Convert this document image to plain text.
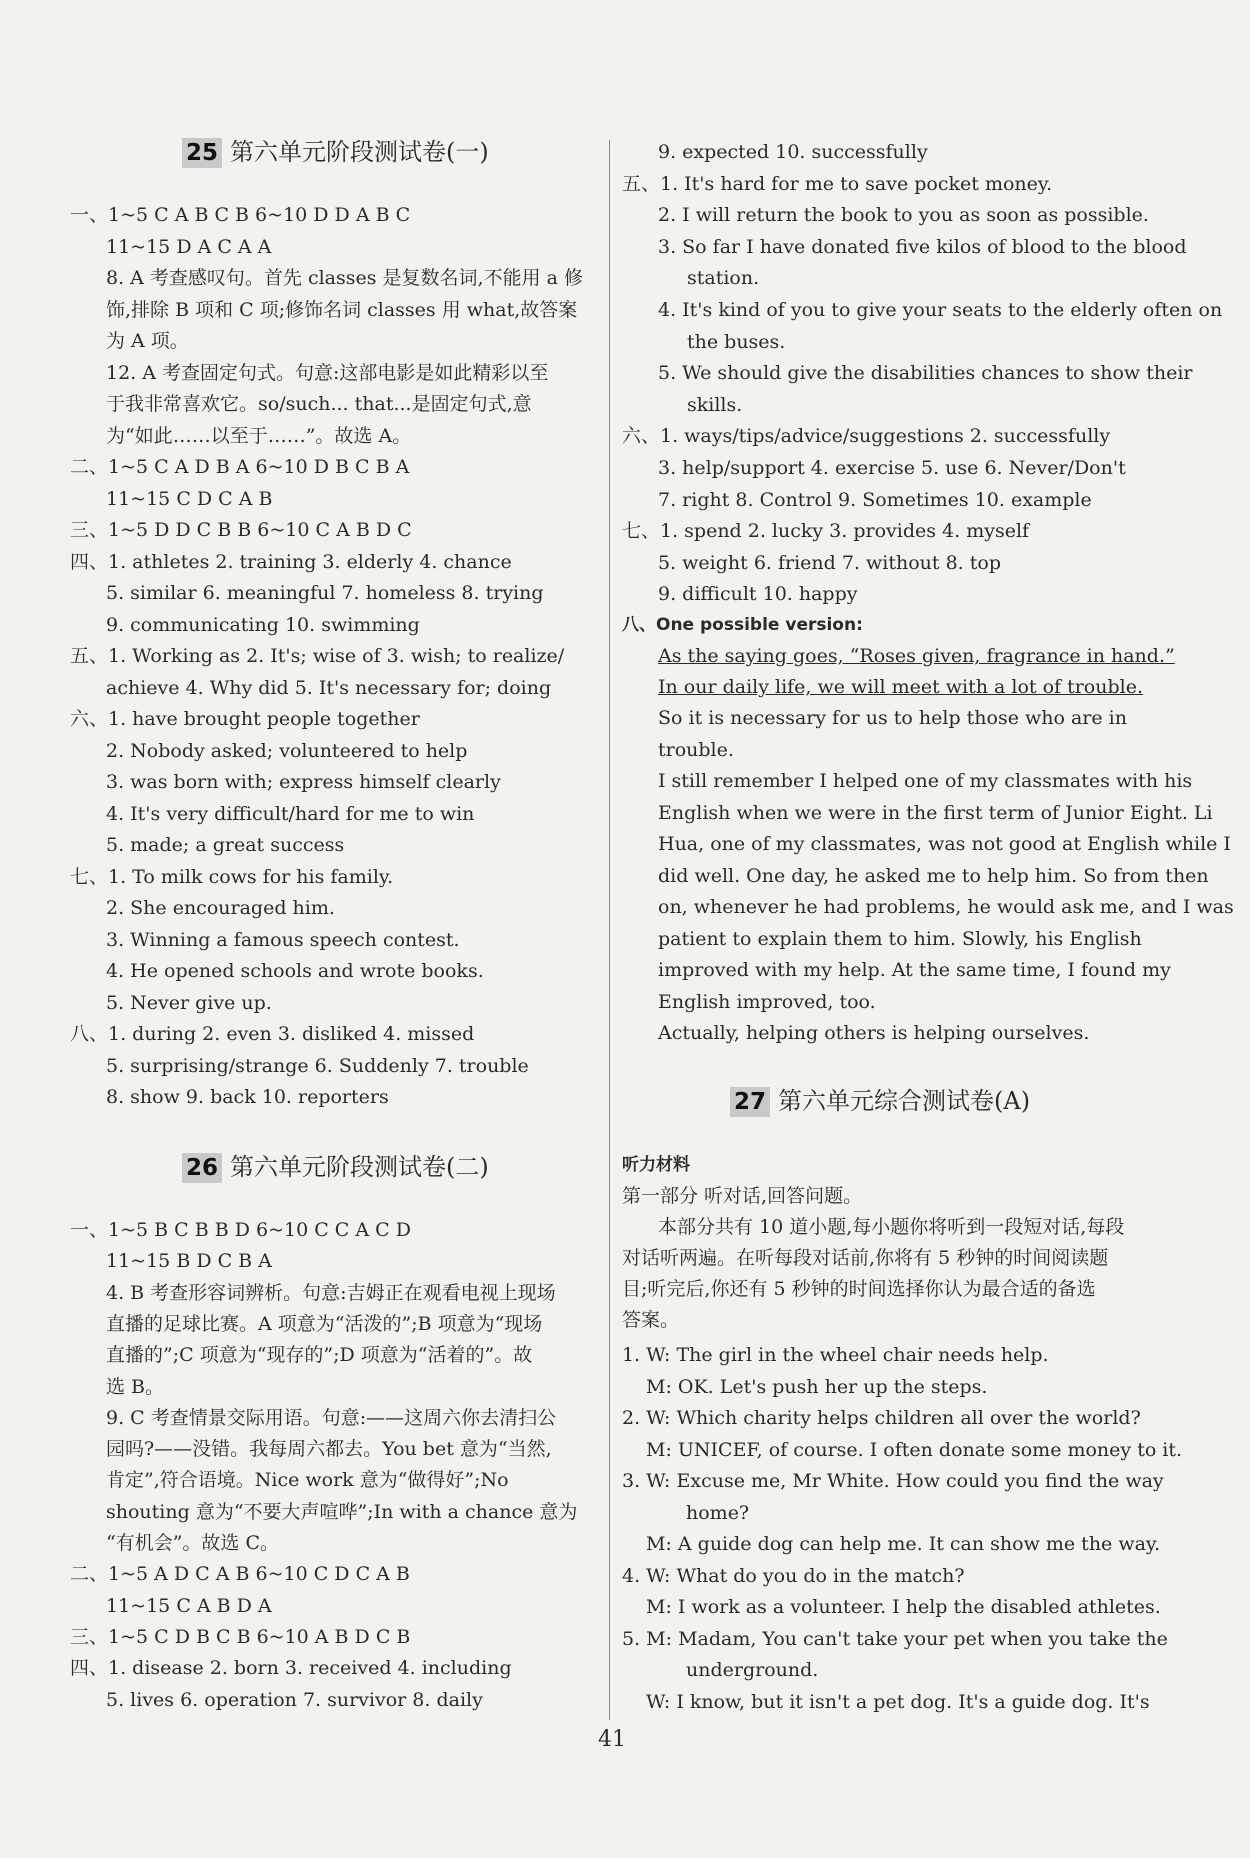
25 第六单元阶段测试卷(一)
一、1~5 C A B C B 6~10 D D A B C
11~15 D A C A A
8. A 考查感叹句。首先 classes 是复数名词,不能用 a 修
饰,排除 B 项和 C 项;修饰名词 classes 用 what,故答案
为 A 项。
12. A 考查固定句式。句意:这部电影是如此精彩以至
于我非常喜欢它。so/such... that...是固定句式,意
为“如此……以至于……”。故选 A。
二、1~5 C A D B A 6~10 D B C B A
11~15 C D C A B
三、1~5 D D C B B 6~10 C A B D C
四、1. athletes 2. training 3. elderly 4. chance
5. similar 6. meaningful 7. homeless 8. trying
9. communicating 10. swimming
五、1. Working as 2. It's; wise of 3. wish; to realize/
achieve 4. Why did 5. It's necessary for; doing
六、1. have brought people together
2. Nobody asked; volunteered to help
3. was born with; express himself clearly
4. It's very difficult/hard for me to win
5. made; a great success
七、1. To milk cows for his family.
2. She encouraged him.
3. Winning a famous speech contest.
4. He opened schools and wrote books.
5. Never give up.
八、1. during 2. even 3. disliked 4. missed
5. surprising/strange 6. Suddenly 7. trouble
8. show 9. back 10. reporters
26 第六单元阶段测试卷(二)
一、1~5 B C B B D 6~10 C C A C D
11~15 B D C B A
4. B 考查形容词辨析。句意:吉姆正在观看电视上现场
直播的足球比赛。A 项意为“活泼的”;B 项意为“现场
直播的”;C 项意为“现存的”;D 项意为“活着的”。故
选 B。
9. C 考查情景交际用语。句意:——这周六你去清扫公
园吗?——没错。我每周六都去。You bet 意为“当然,
肯定”,符合语境。Nice work 意为“做得好”;No
shouting 意为“不要大声喧哗”;In with a chance 意为
“有机会”。故选 C。
二、1~5 A D C A B 6~10 C D C A B
11~15 C A B D A
三、1~5 C D B C B 6~10 A B D C B
四、1. disease 2. born 3. received 4. including
5. lives 6. operation 7. survivor 8. daily
9. expected 10. successfully
五、1. It's hard for me to save pocket money.
2. I will return the book to you as soon as possible.
3. So far I have donated five kilos of blood to the blood
station.
4. It's kind of you to give your seats to the elderly often on
the buses.
5. We should give the disabilities chances to show their
skills.
六、1. ways/tips/advice/suggestions 2. successfully
3. help/support 4. exercise 5. use 6. Never/Don't
7. right 8. Control 9. Sometimes 10. example
七、1. spend 2. lucky 3. provides 4. myself
5. weight 6. friend 7. without 8. top
9. difficult 10. happy
八、One possible version:
As the saying goes, “Roses given, fragrance in hand.”
In our daily life, we will meet with a lot of trouble.
So it is necessary for us to help those who are in
trouble.
I still remember I helped one of my classmates with his
English when we were in the first term of Junior Eight. Li
Hua, one of my classmates, was not good at English while I
did well. One day, he asked me to help him. So from then
on, whenever he had problems, he would ask me, and I was
patient to explain them to him. Slowly, his English
improved with my help. At the same time, I found my
English improved, too.
Actually, helping others is helping ourselves.
27 第六单元综合测试卷(A)
听力材料
第一部分 听对话,回答问题。
本部分共有 10 道小题,每小题你将听到一段短对话,每段
对话听两遍。在听每段对话前,你将有 5 秒钟的时间阅读题
目;听完后,你还有 5 秒钟的时间选择你认为最合适的备选
答案。
1. W: The girl in the wheel chair needs help.
M: OK. Let's push her up the steps.
2. W: Which charity helps children all over the world?
M: UNICEF, of course. I often donate some money to it.
3. W: Excuse me, Mr White. How could you find the way
home?
M: A guide dog can help me. It can show me the way.
4. W: What do you do in the match?
M: I work as a volunteer. I help the disabled athletes.
5. M: Madam, You can't take your pet when you take the
underground.
W: I know, but it isn't a pet dog. It's a guide dog. It's
41
